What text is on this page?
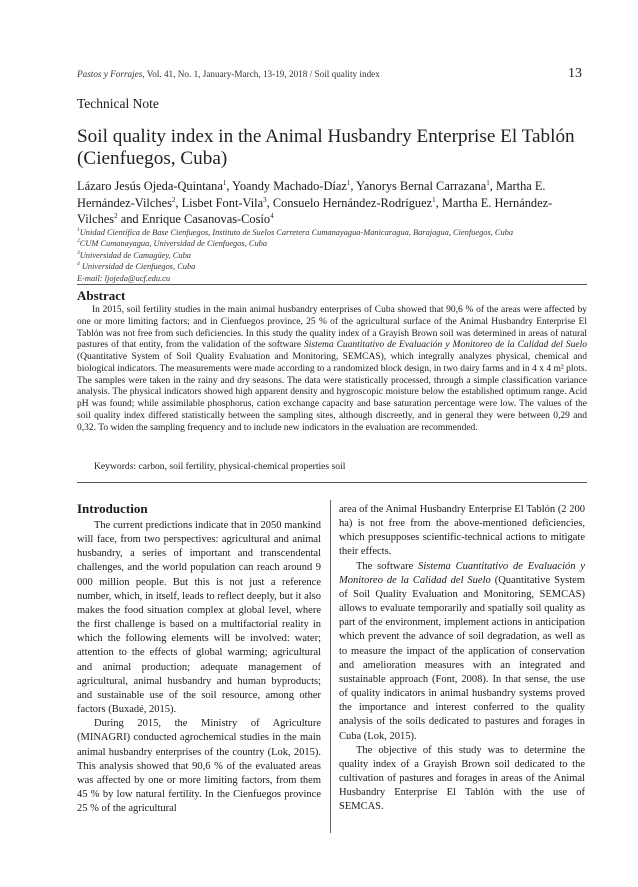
Pastos y Forrajes, Vol. 41, No. 1, January-March, 13-19, 2018 / Soil quality index	13
Technical Note
Soil quality index in the Animal Husbandry Enterprise El Tablón (Cienfuegos, Cuba)
Lázaro Jesús Ojeda-Quintana$^1$, Yoandy Machado-Díaz$^1$, Yanorys Bernal Carrazana$^1$, Martha E. Hernández-Vilches$^2$, Lisbet Font-Vila$^3$, Consuelo Hernández-Rodríguez$^1$, Martha E. Hernández-Vilches$^2$ and Enrique Casanovas-Cosío$^4$
$^1$Unidad Científica de Base Cienfuegos, Instituto de Suelos Carretera Cumanayagua-Manicaragua, Barajagua, Cienfuegos, Cuba
$^2$CUM Cumanayagua, Universidad de Cienfuegos, Cuba
$^3$Universidad de Camagüey, Cuba
$^4$ Universidad de Cienfuegos, Cuba
E-mail: ljojeda@ucf.edu.cu
Abstract

In 2015, soil fertility studies in the main animal husbandry enterprises of Cuba showed that 90,6 % of the areas were affected by one or more limiting factors; and in Cienfuegos province, 25 % of the agricultural surface of the Animal Husbandry Enterprise El Tablón was not free from such deficiencies. In this study the quality index of a Grayish Brown soil was determined in areas of natural pastures of that entity, from the validation of the software Sistema Cuantitativo de Evaluación y Monitoreo de la Calidad del Suelo (Quantitative System of Soil Quality Evaluation and Monitoring, SEMCAS), which integrally analyzes physical, chemical and biological indicators. The measurements were made according to a randomized block design, in two dairy farms and in 4 x 4 m² plots. The samples were taken in the rainy and dry seasons. The data were statistically processed, through a simple classification variance analysis. The physical indicators showed high apparent density and hygroscopic moisture below the established optimum range. Acid pH was found; while assimilable phosphorus, cation exchange capacity and base saturation percentage were low. The values of the soil quality index differed statistically between the sampling sites, although discreetly, and in general they were between 0,29 and 0,32. To widen the sampling frequency and to include new indicators in the evaluation are recommended.

Keywords: carbon, soil fertility, physical-chemical properties soil
Introduction

The current predictions indicate that in 2050 mankind will face, from two perspectives: agricultural and animal husbandry, a series of important and transcendental challenges, and the world population can reach around 9 000 million people. But this is not just a reference number, which, in itself, leads to reflect deeply, but it also makes the food situation complex at global level, where the first challenge is based on a multifactorial reality in which the following elements will be involved: water; attention to the effects of global warming; agricultural and animal production; adequate management of agricultural, animal husbandry and human byproducts; and sustainable use of the soil resource, among other factors (Buxadé, 2015).

During 2015, the Ministry of Agriculture (MINAGRI) conducted agrochemical studies in the main animal husbandry enterprises of the country (Lok, 2015). This analysis showed that 90,6 % of the evaluated areas was affected by one or more limiting factors, from them 45 % by low natural fertility. In the Cienfuegos province 25 % of the agricultural

area of the Animal Husbandry Enterprise El Tablón (2 200 ha) is not free from the above-mentioned deficiencies, which presupposes scientific-technical actions to mitigate their effects.

The software Sistema Cuantitativo de Evaluación y Monitoreo de la Calidad del Suelo (Quantitative System of Soil Quality Evaluation and Monitoring, SEMCAS) allows to evaluate temporarily and spatially soil quality as part of the environment, implement actions in anticipation which prevent the advance of soil degradation, as well as to measure the impact of the application of conservation and amelioration measures with an integrated and sustainable approach (Font, 2008). In that sense, the use of quality indicators in animal husbandry systems proved the importance and interest conferred to the quality analysis of the soils dedicated to pastures and forages in Cuba (Lok, 2015).

The objective of this study was to determine the quality index of a Grayish Brown soil dedicated to the cultivation of pastures and forages in areas of the Animal Husbandry Enterprise El Tablón with the use of SEMCAS.
